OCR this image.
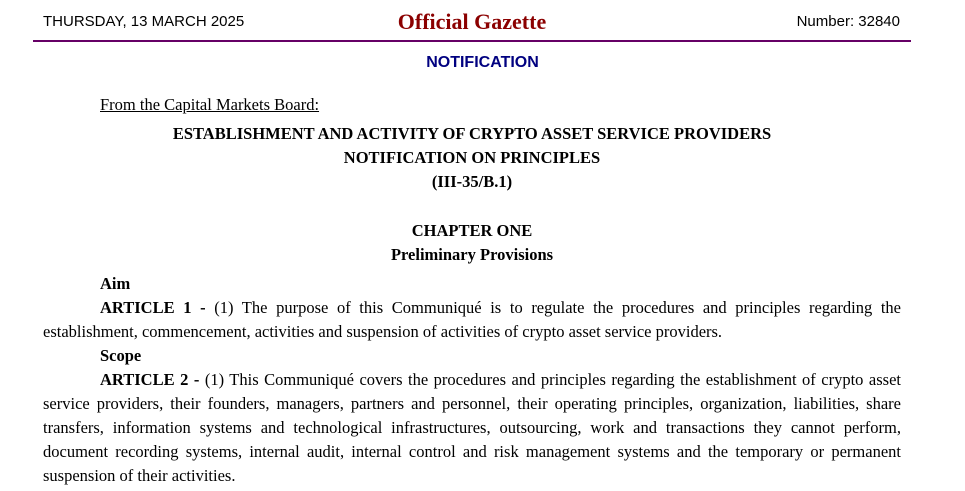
THURSDAY, 13 MARCH 2025	Official Gazette	Number: 32840
NOTIFICATION
From the Capital Markets Board:
ESTABLISHMENT AND ACTIVITY OF CRYPTO ASSET SERVICE PROVIDERS
NOTIFICATION ON PRINCIPLES
(III-35/B.1)
CHAPTER ONE
Preliminary Provisions
Aim
ARTICLE 1 - (1) The purpose of this Communiqué is to regulate the procedures and principles regarding the establishment, commencement, activities and suspension of activities of crypto asset service providers.
Scope
ARTICLE 2 - (1) This Communiqué covers the procedures and principles regarding the establishment of crypto asset service providers, their founders, managers, partners and personnel, their operating principles, organization, liabilities, share transfers, information systems and technological infrastructures, outsourcing, work and transactions they cannot perform, document recording systems, internal audit, internal control and risk management systems and the temporary or permanent suspension of their activities.
